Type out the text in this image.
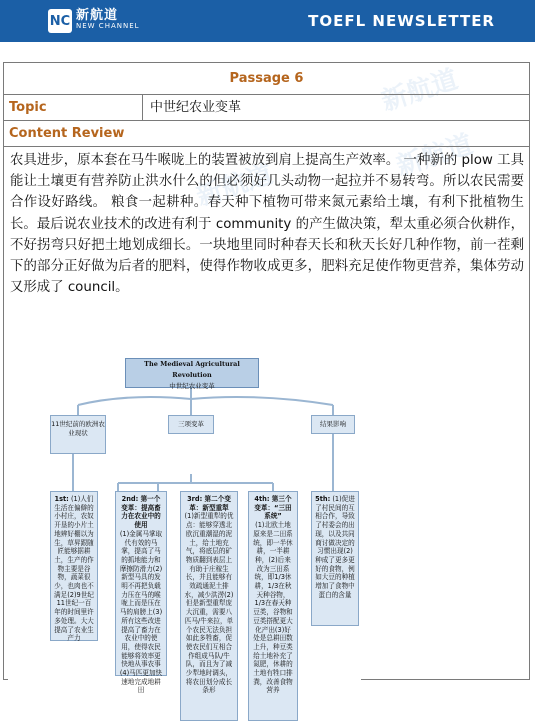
NC 新航道
NEW CHANNEL	TOEFL NEWSLETTER
新航道
新航道
新航道
Passage 6
Topic	中世纪农业变革
Content Review
农具进步，原本套在马牛喉咙上的装置被放到肩上提高生产效率。 一种新的 plow 工具能让土壤更有营养防止洪水什么的但必须好几头动物一起拉并不易转弯。所以农民需要合作设好路线。 粮食一起耕种。春天种下植物可带来氮元素给土壤，有利下批植物生长。最后说农业技术的改进有利于 community 的产生做决策，犁太重必须合伙耕作，不好拐弯只好把土地划成细长。一块地里同时种春天长和秋天长好几种作物，前一茬剩下的部分正好做为后者的肥料，使得作物收成更多，肥料充足使作物更营养，集体劳动又形成了 council。
The Medieval Agricultural Revolution
中世纪农业变革
11世纪前的欧洲农业现状
三项变革	结果影响
1st: (1)人们生活在偏僻的小村庄，农奴开垦的小片土地辨好棚以为生，草昇跟随匠能够据耕土，生产的作物主要是谷物，蔬菜很少，也肉也不满足(2)9世纪11世纪一百年的时间里许多处理。大大提高了农业生产力
2nd: 第一个变革：提高畜力在农业中的使用
(1)金属马掌取代有效的马掌，提高了马的抓地能力和摩擦防滑力(2)新型马具的发明不再把负载力压在马的喉咙上而是压在马的肩膀上(3)所有这些改进提高了畜力在农业中的使用，使得农民能够将效率更快地从事农事(4)马匹更加快速地完成地耕田
3rd: 第二个变革：新型重犁
(1)新型重犁的优点：能够穿透北欧沉重潮湿的泥土，给土地充气，将底层的矿物质翻到表层上有助于庄稼生长，并且能够有效疏通泥土排水，减少洪涝(2)但是新型重犁庞大沉重，需要八匹马/牛来拉，单个农民无法负担如此多牲畜，促使农民们互相合作组成马队/牛队，而且为了减少犁地时调头，将农田划分成长条形
4th: 第三个变革：“三田系统”
(1)北欧土地原来是二田系统，即一半休耕，一半耕种，(2)后来改为三田系统，即1/3休耕，1/3在秋天种谷物，1/3在春天种豆类，谷物和豆类搭配更大化产出(3)好处是总耕田数上升，种豆类给土地补充了氮肥，休耕的土地有牲口排粪，改善食物营养
5th: (1)促进了村民间的互相合作，导致了村委会的出现，以及共同商讨做决定的习惯出现(2)种成了更多更好的食物，例如大豆的种植增加了食物中蛋白的含量
